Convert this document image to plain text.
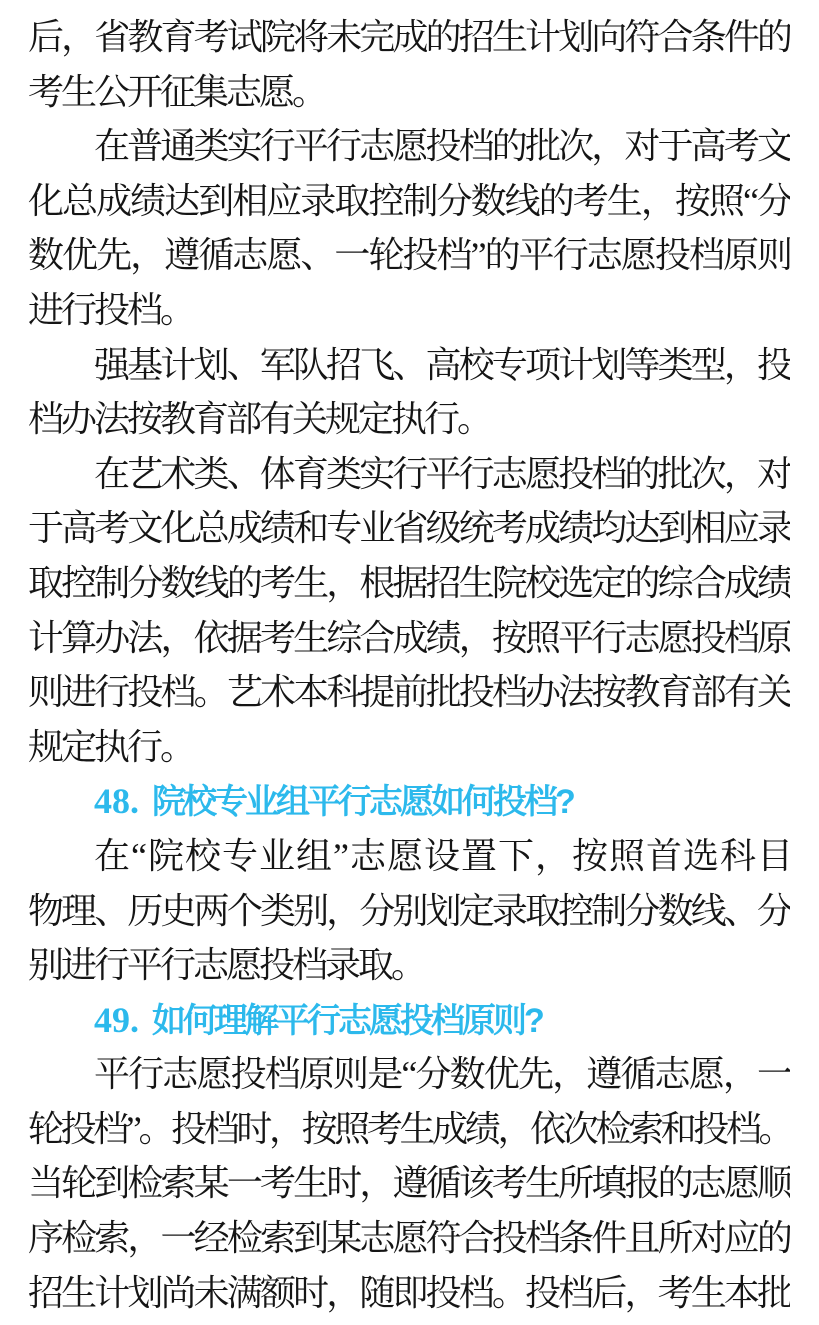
后，省教育考试院将未完成的招生计划向符合条件的
考生公开征集志愿。
在普通类实行平行志愿投档的批次，对于高考文
化总成绩达到相应录取控制分数线的考生，按照“分
数优先，遵循志愿、一轮投档”的平行志愿投档原则
进行投档。
强基计划、军队招飞、高校专项计划等类型，投
档办法按教育部有关规定执行。
在艺术类、体育类实行平行志愿投档的批次，对
于高考文化总成绩和专业省级统考成绩均达到相应录
取控制分数线的考生，根据招生院校选定的综合成绩
计算办法，依据考生综合成绩，按照平行志愿投档原
则进行投档。艺术本科提前批投档办法按教育部有关
规定执行。
48. 院校专业组平行志愿如何投档?
在“院校专业组”志愿设置下，按照首选科目
物理、历史两个类别，分别划定录取控制分数线、分
别进行平行志愿投档录取。
49. 如何理解平行志愿投档原则?
平行志愿投档原则是“分数优先，遵循志愿，一
轮投档”。投档时，按照考生成绩，依次检索和投档。
当轮到检索某一考生时，遵循该考生所填报的志愿顺
序检索，一经检索到某志愿符合投档条件且所对应的
招生计划尚未满额时，随即投档。投档后，考生本批
